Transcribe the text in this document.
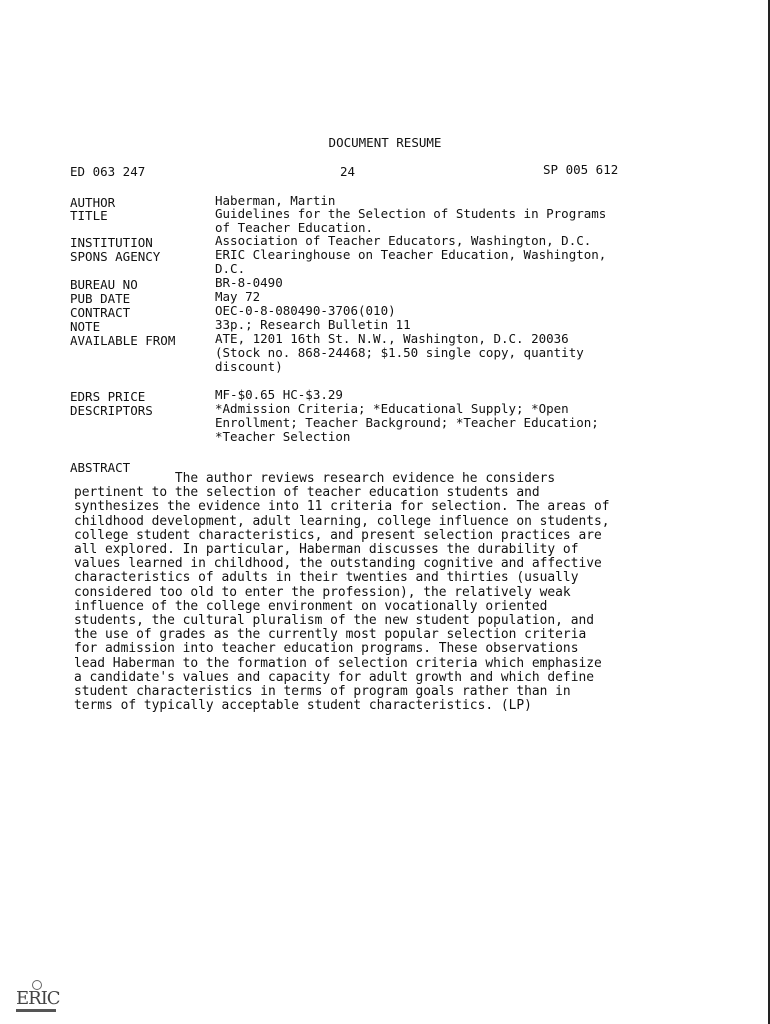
DOCUMENT RESUME
ED 063 247	24	SP 005 612
AUTHOR
TITLE
INSTITUTION
SPONS AGENCY
BUREAU NO
PUB DATE
CONTRACT
NOTE
AVAILABLE FROM
EDRS PRICE
DESCRIPTORS
Haberman, Martin
Guidelines for the Selection of Students in Programs
of Teacher Education.
Association of Teacher Educators, Washington, D.C.
ERIC Clearinghouse on Teacher Education, Washington,
D.C.
BR-8-0490
May 72
OEC-0-8-080490-3706(010)
33p.; Research Bulletin 11
ATE, 1201 16th St. N.W., Washington, D.C. 20036
(Stock no. 868-24468; $1.50 single copy, quantity
discount)
MF-$0.65 HC-$3.29
*Admission Criteria; *Educational Supply; *Open
Enrollment; Teacher Background; *Teacher Education;
*Teacher Selection
ABSTRACT
The author reviews research evidence he considers
pertinent to the selection of teacher education students and
synthesizes the evidence into 11 criteria for selection. The areas of
childhood development, adult learning, college influence on students,
college student characteristics, and present selection practices are
all explored. In particular, Haberman discusses the durability of
values learned in childhood, the outstanding cognitive and affective
characteristics of adults in their twenties and thirties (usually
considered too old to enter the profession), the relatively weak
influence of the college environment on vocationally oriented
students, the cultural pluralism of the new student population, and
the use of grades as the currently most popular selection criteria
for admission into teacher education programs. These observations
lead Haberman to the formation of selection criteria which emphasize
a candidate's values and capacity for adult growth and which define
student characteristics in terms of program goals rather than in
terms of typically acceptable student characteristics. (LP)
ERIC
